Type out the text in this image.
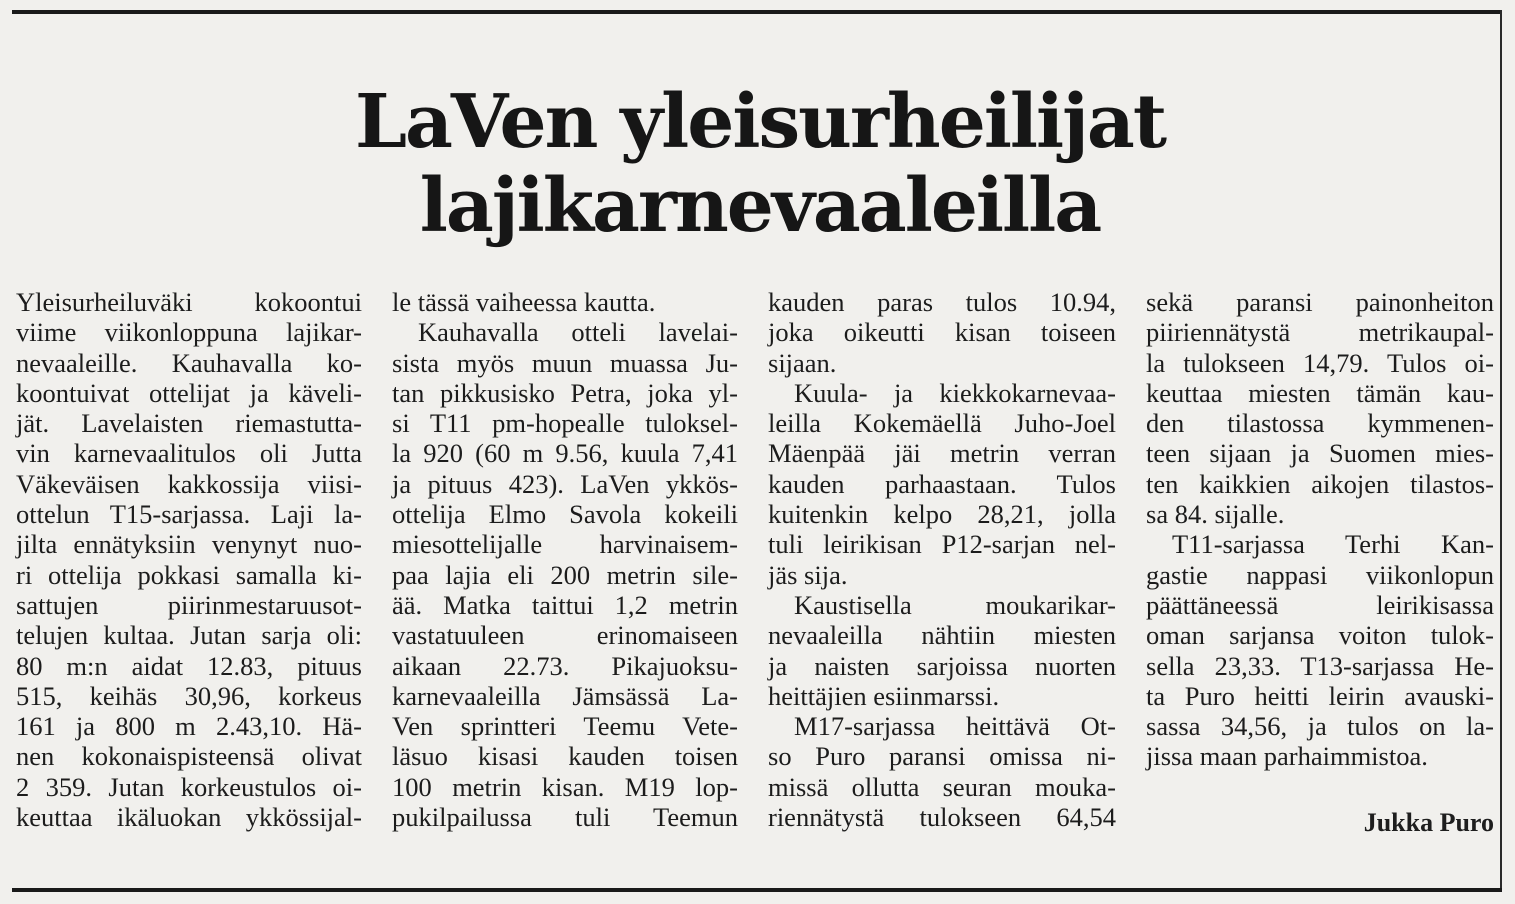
LaVen yleisurheilijat
lajikarnevaaleilla
Yleisurheiluväki kokoontui
viime viikonloppuna lajikar-
nevaaleille. Kauhavalla ko-
koontuivat ottelijat ja käveli-
jät. Lavelaisten riemastutta-
vin karnevaalitulos oli Jutta
Väkeväisen kakkossija viisi-
ottelun T15-sarjassa. Laji la-
jilta ennätyksiin venynyt nuo-
ri ottelija pokkasi samalla ki-
sattujen piirinmestaruusot-
telujen kultaa. Jutan sarja oli:
80 m:n aidat 12.83, pituus
515, keihäs 30,96, korkeus
161 ja 800 m 2.43,10. Hä-
nen kokonaispisteensä olivat
2 359. Jutan korkeustulos oi-
keuttaa ikäluokan ykkössijal-
le tässä vaiheessa kautta.
Kauhavalla otteli lavelai-
sista myös muun muassa Ju-
tan pikkusisko Petra, joka yl-
si T11 pm-hopealle tuloksel-
la 920 (60 m 9.56, kuula 7,41
ja pituus 423). LaVen ykkös-
ottelija Elmo Savola kokeili
miesottelijalle harvinaisem-
paa lajia eli 200 metrin sile-
ää. Matka taittui 1,2 metrin
vastatuuleen erinomaiseen
aikaan 22.73. Pikajuoksu-
karnevaaleilla Jämsässä La-
Ven sprintteri Teemu Vete-
läsuo kisasi kauden toisen
100 metrin kisan. M19 lop-
pukilpailussa tuli Teemun
kauden paras tulos 10.94,
joka oikeutti kisan toiseen
sijaan.
Kuula- ja kiekkokarnevaa-
leilla Kokemäellä Juho-Joel
Mäenpää jäi metrin verran
kauden parhaastaan. Tulos
kuitenkin kelpo 28,21, jolla
tuli leirikisan P12-sarjan nel-
jäs sija.
Kaustisella moukarikar-
nevaaleilla nähtiin miesten
ja naisten sarjoissa nuorten
heittäjien esiinmarssi.
M17-sarjassa heittävä Ot-
so Puro paransi omissa ni-
missä ollutta seuran mouka-
riennätystä tulokseen 64,54
sekä paransi painonheiton
piiriennätystä metrikaupal-
la tulokseen 14,79. Tulos oi-
keuttaa miesten tämän kau-
den tilastossa kymmenen-
teen sijaan ja Suomen mies-
ten kaikkien aikojen tilastos-
sa 84. sijalle.
T11-sarjassa Terhi Kan-
gastie nappasi viikonlopun
päättäneessä leirikisassa
oman sarjansa voiton tulok-
sella 23,33. T13-sarjassa He-
ta Puro heitti leirin avauski-
sassa 34,56, ja tulos on la-
jissa maan parhaimmistoa.
Jukka Puro
